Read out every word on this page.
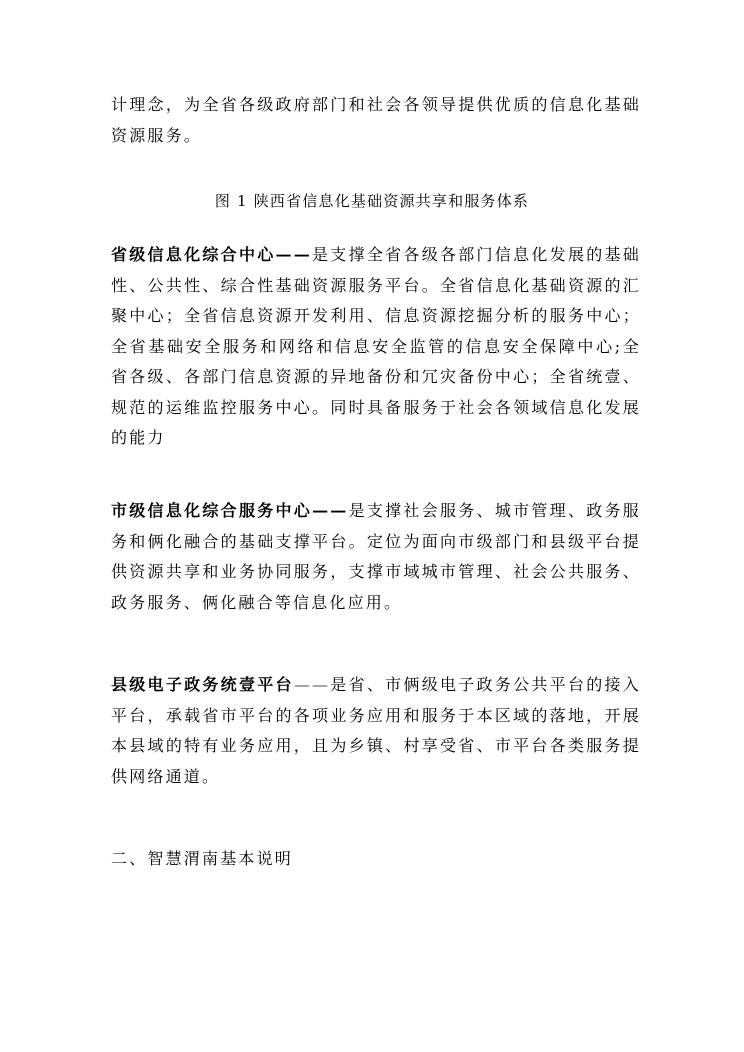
计理念，为全省各级政府部门和社会各领导提供优质的信息化基础资源服务。

图 1 陕西省信息化基础资源共享和服务体系

省级信息化综合中心——是支撑全省各级各部门信息化发展的基础性、公共性、综合性基础资源服务平台。全省信息化基础资源的汇聚中心；全省信息资源开发利用、信息资源挖掘分析的服务中心；全省基础安全服务和网络和信息安全监管的信息安全保障中心;全省各级、各部门信息资源的异地备份和冗灾备份中心；全省统壹、规范的运维监控服务中心。同时具备服务于社会各领域信息化发展的能力

市级信息化综合服务中心——是支撑社会服务、城市管理、政务服务和俩化融合的基础支撑平台。定位为面向市级部门和县级平台提供资源共享和业务协同服务，支撑市域城市管理、社会公共服务、政务服务、俩化融合等信息化应用。

县级电子政务统壹平台——是省、市俩级电子政务公共平台的接入平台，承载省市平台的各项业务应用和服务于本区域的落地，开展本县域的特有业务应用，且为乡镇、村享受省、市平台各类服务提供网络通道。

二、智慧渭南基本说明
